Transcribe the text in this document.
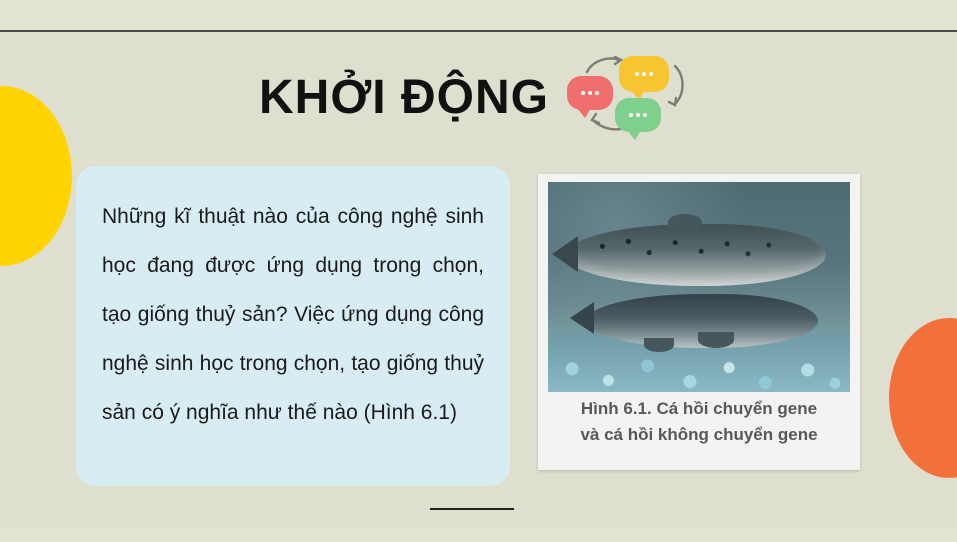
KHỞI ĐỘNG

Những kĩ thuật nào của công nghệ sinh học đang được ứng dụng trong chọn, tạo giống thuỷ sản? Việc ứng dụng công nghệ sinh học trong chọn, tạo giống thuỷ sản có ý nghĩa như thế nào (Hình 6.1)	Hình 6.1. Cá hồi chuyển gene
và cá hồi không chuyển gene
